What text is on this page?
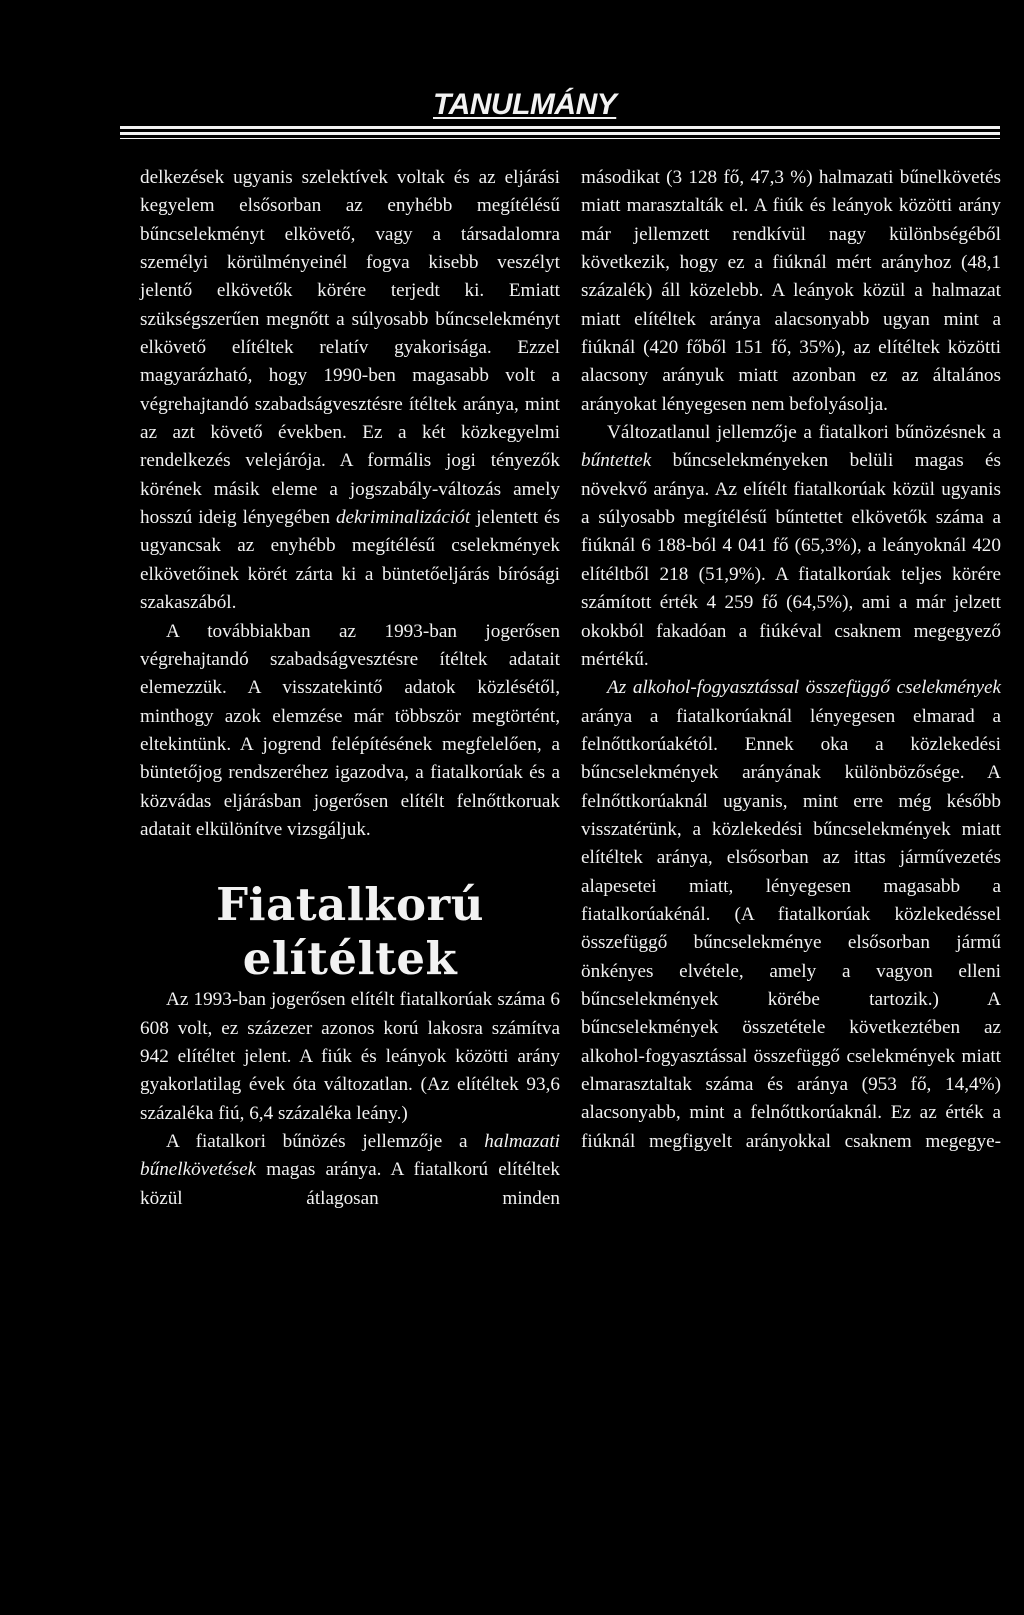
TANULMÁNY

delkezések ugyanis szelektívek voltak és az eljárási kegyelem elsősorban az enyhébb megítélésű bűncselekményt elkövető, vagy a társadalomra személyi körülményeinél fogva kisebb veszélyt jelentő elkövetők körére terjedt ki. Emiatt szükségszerűen megnőtt a súlyosabb bűncselekményt elkövető elítéltek relatív gyakorisága. Ezzel magyarázható, hogy 1990-ben magasabb volt a végrehajtandó szabadságvesztésre ítéltek aránya, mint az azt követő években. Ez a két közkegyelmi rendelkezés velejárója. A formális jogi tényezők körének másik eleme a jogszabály-változás amely hosszú ideig lényegében dekriminalizációt jelentett és ugyancsak az enyhébb megítélésű cselekmények elkövetőinek körét zárta ki a büntetőeljárás bírósági szakaszából.

A továbbiakban az 1993-ban jogerősen végrehajtandó szabadságvesztésre ítéltek adatait elemezzük. A visszatekintő adatok közlésétől, minthogy azok elemzése már többször megtörtént, eltekintünk. A jogrend felépítésének megfelelően, a büntetőjog rendszeréhez igazodva, a fiatalkorúak és a közvádas eljárásban jogerősen elítélt felnőttkoruak adatait elkülönítve vizsgáljuk.

Fiatalkorú elítéltek

Az 1993-ban jogerősen elítélt fiatalkorúak száma 6 608 volt, ez százezer azonos korú lakosra számítva 942 elítéltet jelent. A fiúk és leányok közötti arány gyakorlatilag évek óta változatlan. (Az elítéltek 93,6 százaléka fiú, 6,4 százaléka leány.)

A fiatalkori bűnözés jellemzője a halmazati bűnelkövetések magas aránya. A fiatalkorú elítéltek közül átlagosan minden

másodikat (3 128 fő, 47,3 %) halmazati bűnelkövetés miatt marasztalták el. A fiúk és leányok közötti arány már jellemzett rendkívül nagy különbségéből következik, hogy ez a fiúknál mért arányhoz (48,1 százalék) áll közelebb. A leányok közül a halmazat miatt elítéltek aránya alacsonyabb ugyan mint a fiúknál (420 főből 151 fő, 35%), az elítéltek közötti alacsony arányuk miatt azonban ez az általános arányokat lényegesen nem befolyásolja.

Változatlanul jellemzője a fiatalkori bűnözésnek a bűntettek bűncselekményeken belüli magas és növekvő aránya. Az elítélt fiatalkorúak közül ugyanis a súlyosabb megítélésű bűntettet elkövetők száma a fiúknál 6 188-ból 4 041 fő (65,3%), a leányoknál 420 elítéltből 218 (51,9%). A fiatalkorúak teljes körére számított érték 4 259 fő (64,5%), ami a már jelzett okokból fakadóan a fiúkéval csaknem megegyező mértékű.

Az alkohol-fogyasztással összefüggő cselekmények aránya a fiatalkorúaknál lényegesen elmarad a felnőttkorúakétól. Ennek oka a közlekedési bűncselekmények arányának különbözősége. A felnőttkorúaknál ugyanis, mint erre még később visszatérünk, a közlekedési bűncselekmények miatt elítéltek aránya, elsősorban az ittas járművezetés alapesetei miatt, lényegesen magasabb a fiatalkorúakénál. (A fiatalkorúak közlekedéssel összefüggő bűncselekménye elsősorban jármű önkényes elvétele, amely a vagyon elleni bűncselekmények körébe tartozik.) A bűncselekmények összetétele következtében az alkohol-fogyasztással összefüggő cselekmények miatt elmarasztaltak száma és aránya (953 fő, 14,4%) alacsonyabb, mint a felnőttkorúaknál. Ez az érték a fiúknál megfigyelt arányokkal csaknem megegye-
